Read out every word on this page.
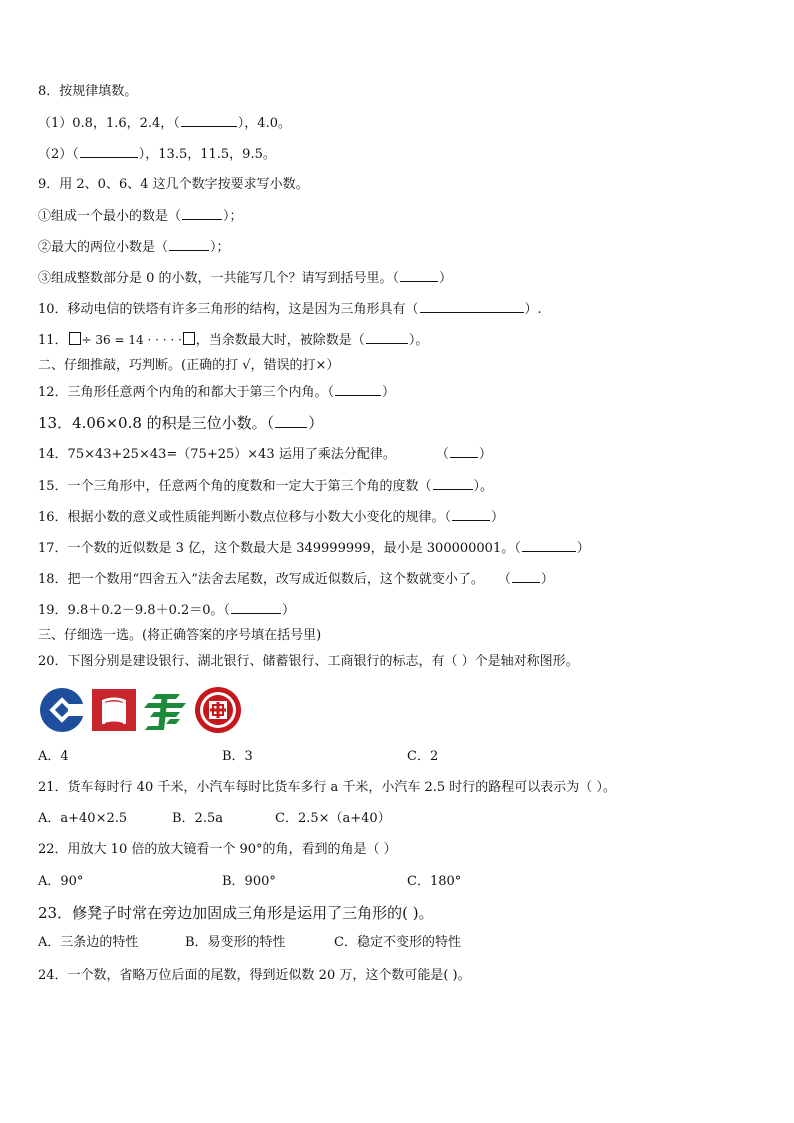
8．按规律填数。
（1）0.8，1.6，2.4，（	），4.0。
（2）（	），13.5，11.5，9.5。
9．用 2、0、6、4 这几个数字按要求写小数。
①组成一个最小的数是（	）；
②最大的两位小数是（	）；
③组成整数部分是 0 的小数，一共能写几个？请写到括号里。（	）
10．移动电信的铁塔有许多三角形的结构，这是因为三角形具有（	）.
11． ÷ 36 = 14 · · · · · ，当余数最大时，被除数是（	）。
二、仔细推敲，巧判断。(正确的打 √，错误的打×）
12．三角形任意两个内角的和都大于第三个内角。（	）
13．4.06×0.8 的积是三位小数。（ ）
14．75×43+25×43=（75+25）×43 运用了乘法分配律。	（ ）
15．一个三角形中，任意两个角的度数和一定大于第三个角的度数（	）。
16．根据小数的意义或性质能判断小数点位移与小数大小变化的规律。（	）
17．一个数的近似数是 3 亿，这个数最大是 349999999，最小是 300000001。（	）
18．把一个数用“四舍五入”法舍去尾数，改写成近似数后，这个数就变小了。 （ ）
19．9.8＋0.2－9.8＋0.2＝0。（	）
三、仔细选一选。(将正确答案的序号填在括号里)
20．下图分别是建设银行、湖北银行、储蓄银行、工商银行的标志，有（ ）个是轴对称图形。
A．4	B．3	C．2
21．货车每时行 40 千米，小汽车每时比货车多行 a 千米，小汽车 2.5 时行的路程可以表示为（ ）。
A．a+40×2.5	B．2.5a	C．2.5×（a+40）
22．用放大 10 倍的放大镜看一个 90°的角，看到的角是（ ）
A．90°	B．900°	C．180°
23．修凳子时常在旁边加固成三角形是运用了三角形的( )。
A．三条边的特性	B．易变形的特性	C．稳定不变形的特性
24．一个数，省略万位后面的尾数，得到近似数 20 万，这个数可能是( )。
